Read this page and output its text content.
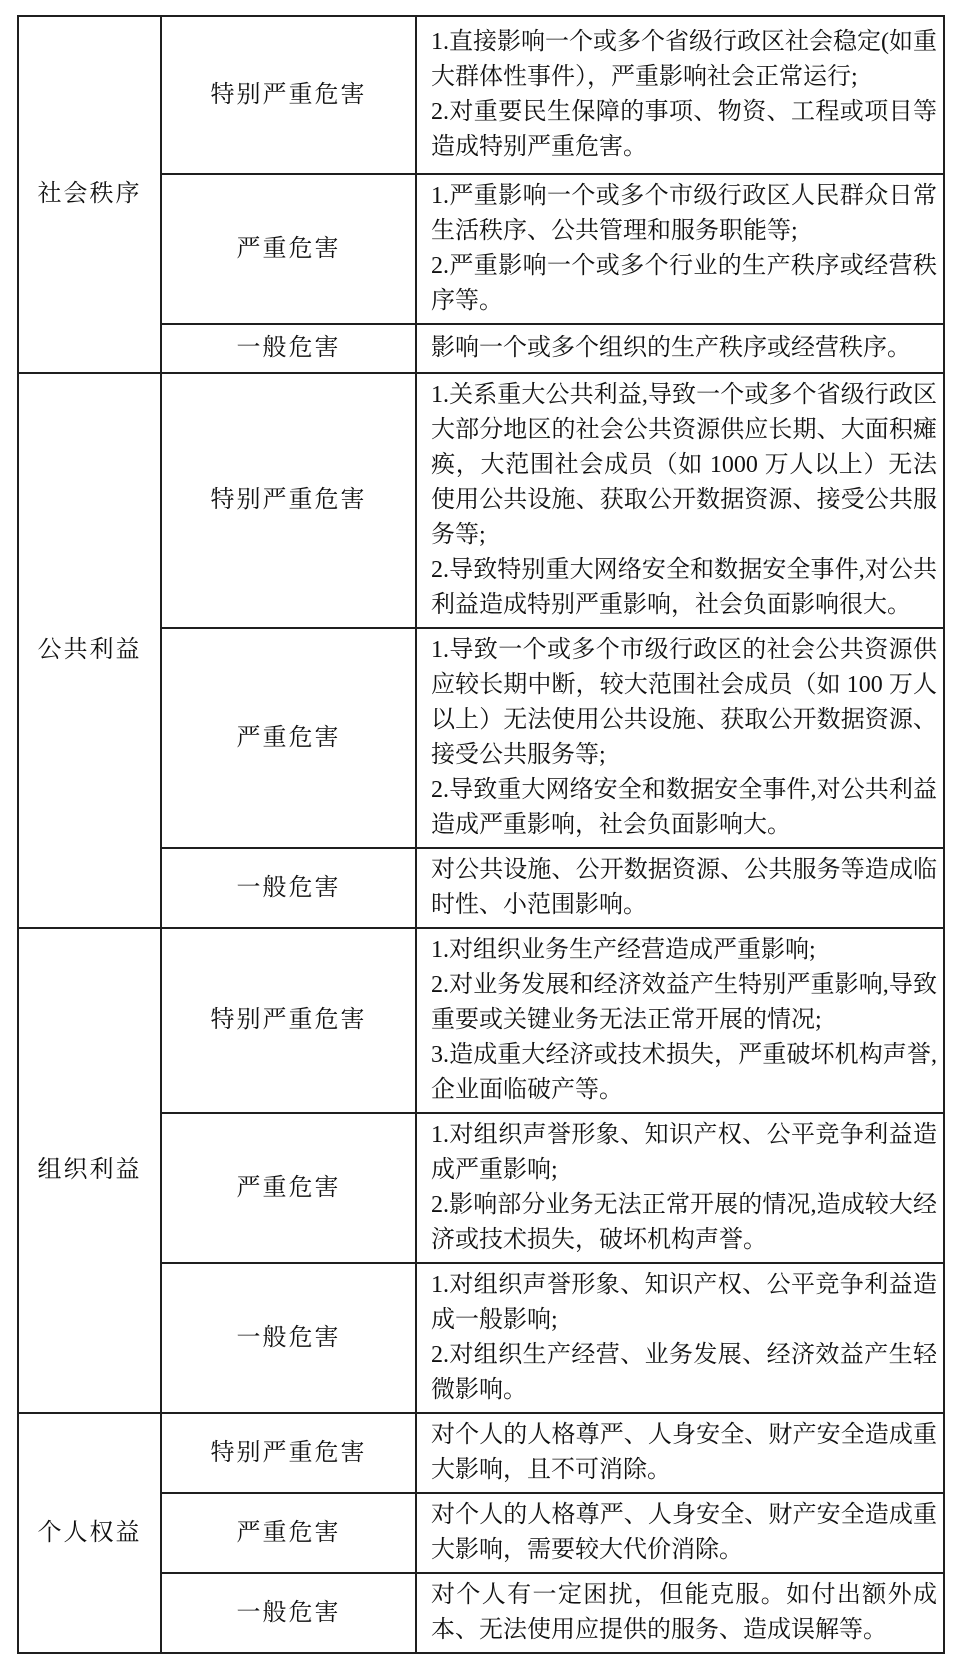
社会秩序	特别严重危害	1.直接影响一个或多个省级行政区社会稳定(如重大群体性事件），严重影响社会正常运行;
2.对重要民生保障的事项、物资、工程或项目等造成特别严重危害。

	严重危害	1.严重影响一个或多个市级行政区人民群众日常生活秩序、公共管理和服务职能等;
2.严重影响一个或多个行业的生产秩序或经营秩序等。

	一般危害	影响一个或多个组织的生产秩序或经营秩序。

公共利益	特别严重危害	1.关系重大公共利益,导致一个或多个省级行政区大部分地区的社会公共资源供应长期、大面积瘫痪，大范围社会成员（如 1000 万人以上）无法使用公共设施、获取公开数据资源、接受公共服务等;
2.导致特别重大网络安全和数据安全事件,对公共利益造成特别严重影响，社会负面影响很大。

	严重危害	1.导致一个或多个市级行政区的社会公共资源供应较长期中断，较大范围社会成员（如 100 万人以上）无法使用公共设施、获取公开数据资源、接受公共服务等;
2.导致重大网络安全和数据安全事件,对公共利益造成严重影响，社会负面影响大。

	一般危害	对公共设施、公开数据资源、公共服务等造成临时性、小范围影响。

组织利益	特别严重危害	1.对组织业务生产经营造成严重影响;
2.对业务发展和经济效益产生特别严重影响,导致重要或关键业务无法正常开展的情况;
3.造成重大经济或技术损失，严重破坏机构声誉,企业面临破产等。

	严重危害	1.对组织声誉形象、知识产权、公平竞争利益造成严重影响;
2.影响部分业务无法正常开展的情况,造成较大经济或技术损失，破坏机构声誉。

	一般危害	1.对组织声誉形象、知识产权、公平竞争利益造成一般影响;
2.对组织生产经营、业务发展、经济效益产生轻微影响。

个人权益	特别严重危害	对个人的人格尊严、人身安全、财产安全造成重大影响，且不可消除。

	严重危害	对个人的人格尊严、人身安全、财产安全造成重大影响，需要较大代价消除。

	一般危害	对个人有一定困扰，但能克服。如付出额外成本、无法使用应提供的服务、造成误解等。
